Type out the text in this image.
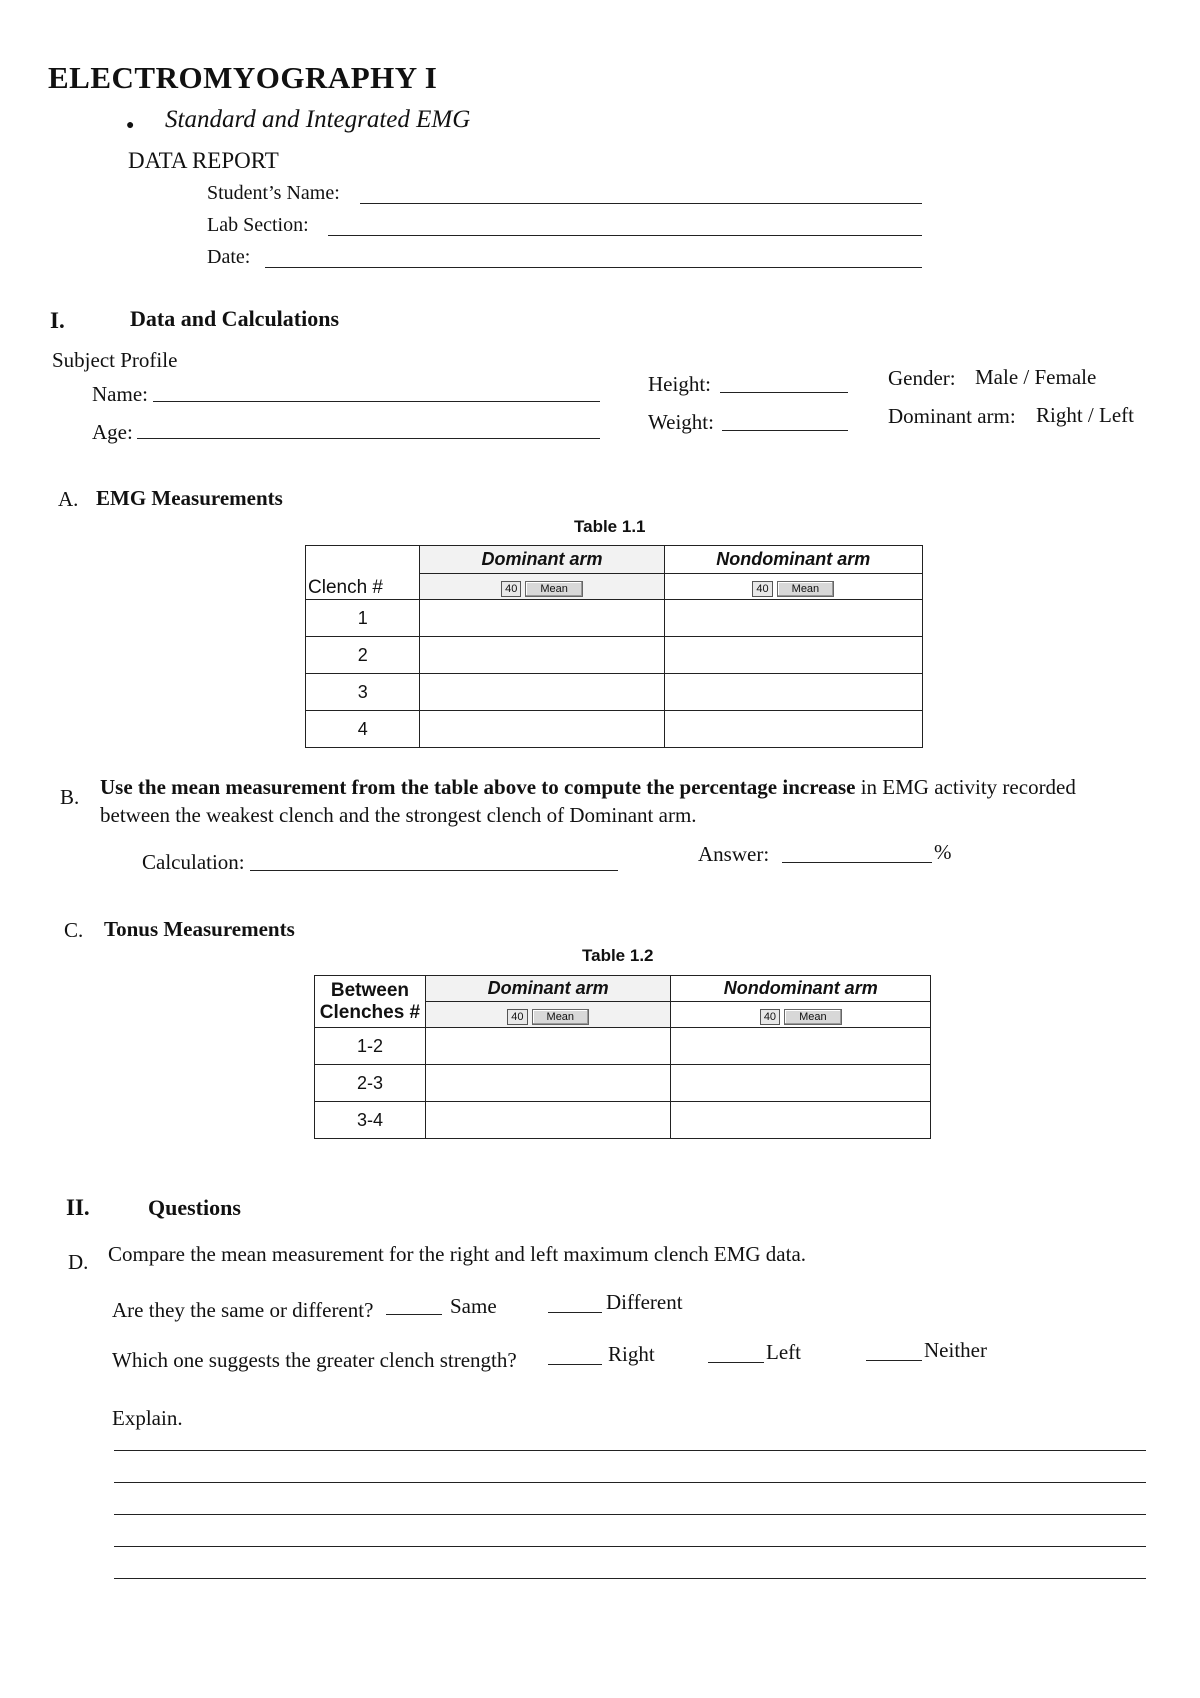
ELECTROMYOGRAPHY I
● Standard and Integrated EMG
DATA REPORT
Student’s Name:
Lab Section:
Date:
I.	Data and Calculations
Subject Profile
Name:
Age:
Height:
Weight:
Gender: Male / Female
Dominant arm: Right / Left
A. EMG Measurements
Table 1.1
Clench #	Dominant arm	Nondominant arm

	40 Mean	40 Mean

1		
2		
3		
4		
B. Use the mean measurement from the table above to compute the percentage increase in EMG activity recorded
between the weakest clench and the strongest clench of Dominant arm.
Calculation:	Answer:	%
C. Tonus Measurements
Table 1.2
Between
Clenches #	Dominant arm	Nondominant arm

	40 Mean	40 Mean

1-2		
2-3		
3-4		
II.	Questions
D. Compare the mean measurement for the right and left maximum clench EMG data.
Are they the same or different?	Same	Different
Which one suggests the greater clench strength?	Right	Left	Neither
Explain.
